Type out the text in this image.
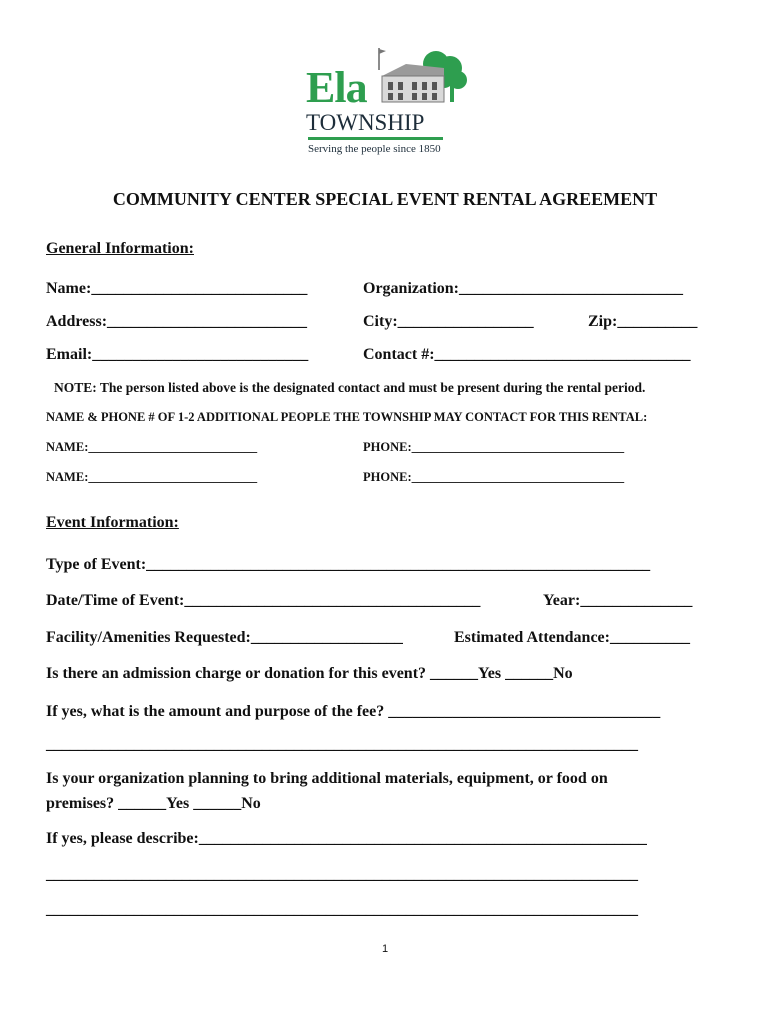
Ela
TOWNSHIP
Serving the people since 1850
COMMUNITY CENTER SPECIAL EVENT RENTAL AGREEMENT
General Information:
Name:___________________________	Organization:____________________________
Address:_________________________	City:_________________	Zip:__________
Email:___________________________	Contact #:________________________________
NOTE: The person listed above is the designated contact and must be present during the rental period.
NAME & PHONE # OF 1-2 ADDITIONAL PEOPLE THE TOWNSHIP MAY CONTACT FOR THIS RENTAL:
NAME:___________________________	PHONE:__________________________________
NAME:___________________________	PHONE:__________________________________
Event Information:
Type of Event:_______________________________________________________________
Date/Time of Event:_____________________________________	Year:______________
Facility/Amenities Requested:___________________	Estimated Attendance:__________
Is there an admission charge or donation for this event? ______Yes ______No
If yes, what is the amount and purpose of the fee? __________________________________
__________________________________________________________________________
Is your organization planning to bring additional materials, equipment, or food on
premises? ______Yes ______No
If yes, please describe:________________________________________________________
__________________________________________________________________________
__________________________________________________________________________
1
